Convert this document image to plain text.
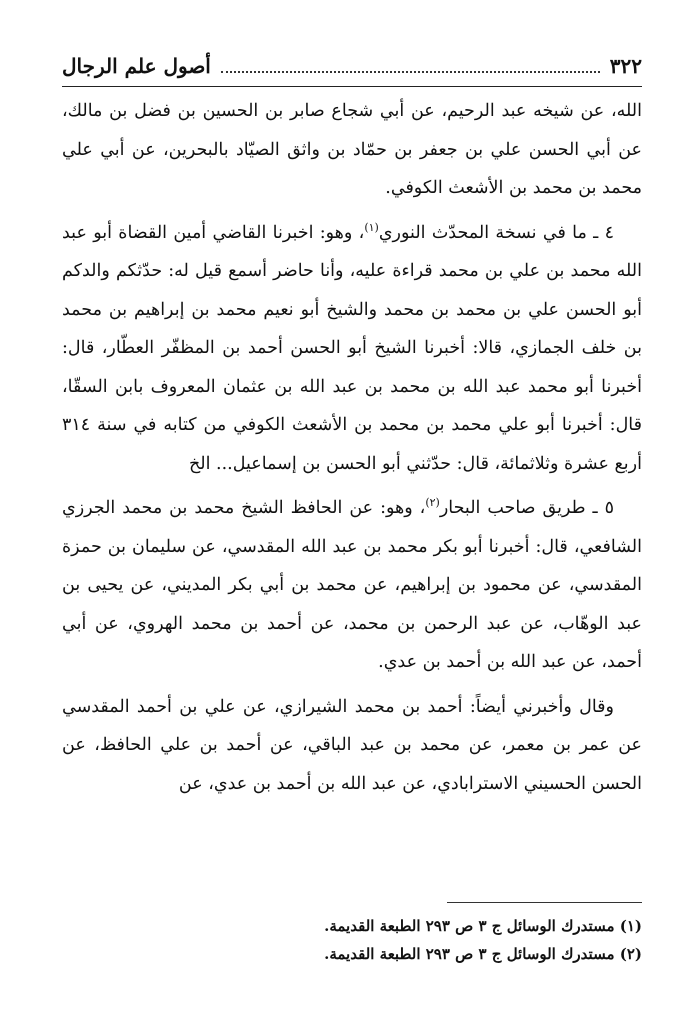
٣٢٢
أصول علم الرجال

الله، عن شيخه عبد الرحيم، عن أبي شجاع صابر بن الحسين بن فضل بن مالك، عن أبي الحسن علي بن جعفر بن حمّاد بن واثق الصيّاد بالبحرين، عن أبي علي محمد بن محمد بن الأشعث الكوفي.

٤ ـ ما في نسخة المحدّث النوري$^{(١)}$، وهو: اخبرنا القاضي أمين القضاة أبو عبد الله محمد بن علي بن محمد قراءة عليه، وأنا حاضر أسمع قيل له: حدّثكم والدكم أبو الحسن علي بن محمد بن محمد والشيخ أبو نعيم محمد بن إبراهيم بن محمد بن خلف الجمازي، قالا: أخبرنا الشيخ أبو الحسن أحمد بن المظفّر العطّار، قال: أخبرنا أبو محمد عبد الله بن محمد بن عبد الله بن عثمان المعروف بابن السقّا، قال: أخبرنا أبو علي محمد بن محمد بن الأشعث الكوفي من كتابه في سنة ٣١٤ أربع عشرة وثلاثمائة، قال: حدّثني أبو الحسن بن إسماعيل... الخ

٥ ـ طريق صاحب البحار$^{(٢)}$، وهو: عن الحافظ الشيخ محمد بن محمد الجرزي الشافعي، قال: أخبرنا أبو بكر محمد بن عبد الله المقدسي، عن سليمان بن حمزة المقدسي، عن محمود بن إبراهيم، عن محمد بن أبي بكر المديني، عن يحيى بن عبد الوهّاب، عن عبد الرحمن بن محمد، عن أحمد بن محمد الهروي، عن أبي أحمد، عن عبد الله بن أحمد بن عدي.

وقال وأخبرني أيضاً: أحمد بن محمد الشيرازي، عن علي بن أحمد المقدسي عن عمر بن معمر، عن محمد بن عبد الباقي، عن أحمد بن علي الحافظ، عن الحسن الحسيني الاسترابادي، عن عبد الله بن أحمد بن عدي، عن

(١) مستدرك الوسائل ج ٣ ص ٢٩٣ الطبعة القديمة.
(٢) مستدرك الوسائل ج ٣ ص ٢٩٣ الطبعة القديمة.
